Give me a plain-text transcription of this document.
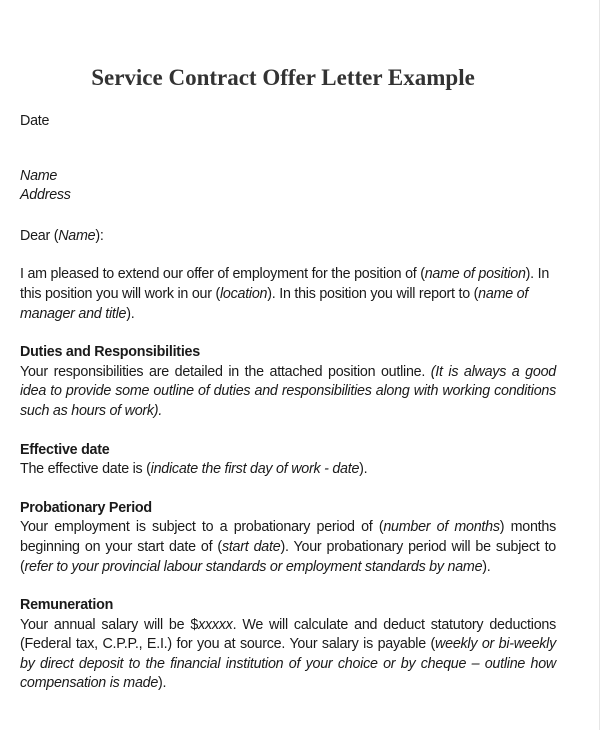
Service Contract Offer Letter Example

Date

Name

Address

Dear (Name):

I am pleased to extend our offer of employment for the position of (name of position). In this position you will work in our (location). In this position you will report to (name of manager and title).

Duties and Responsibilities

Your responsibilities are detailed in the attached position outline. (It is always a good idea to provide some outline of duties and responsibilities along with working conditions such as hours of work).

Effective date

The effective date is (indicate the first day of work - date).

Probationary Period

Your employment is subject to a probationary period of (number of months) months beginning on your start date of (start date). Your probationary period will be subject to (refer to your provincial labour standards or employment standards by name).

Remuneration

Your annual salary will be $xxxxx. We will calculate and deduct statutory deductions (Federal tax, C.P.P., E.I.) for you at source. Your salary is payable (weekly or bi-weekly by direct deposit to the financial institution of your choice or by cheque – outline how compensation is made).
